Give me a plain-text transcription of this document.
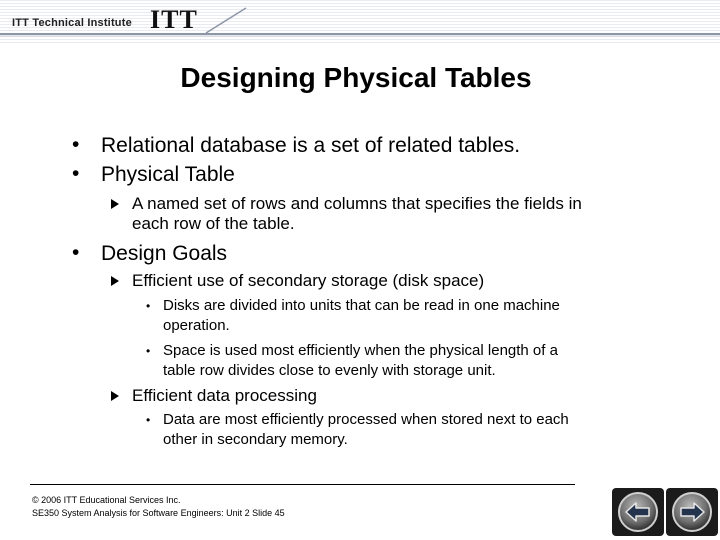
ITT Technical Institute ITT
Designing Physical Tables
• Relational database is a set of related tables.
• Physical Table
A named set of rows and columns that specifies the fields in
each row of the table.
• Design Goals
Efficient use of secondary storage (disk space)
• Disks are divided into units that can be read in one machine
operation.
• Space is used most efficiently when the physical length of a
table row divides close to evenly with storage unit.
Efficient data processing
• Data are most efficiently processed when stored next to each
other in secondary memory.
© 2006 ITT Educational Services Inc.
SE350 System Analysis for Software Engineers: Unit 2 Slide 45
